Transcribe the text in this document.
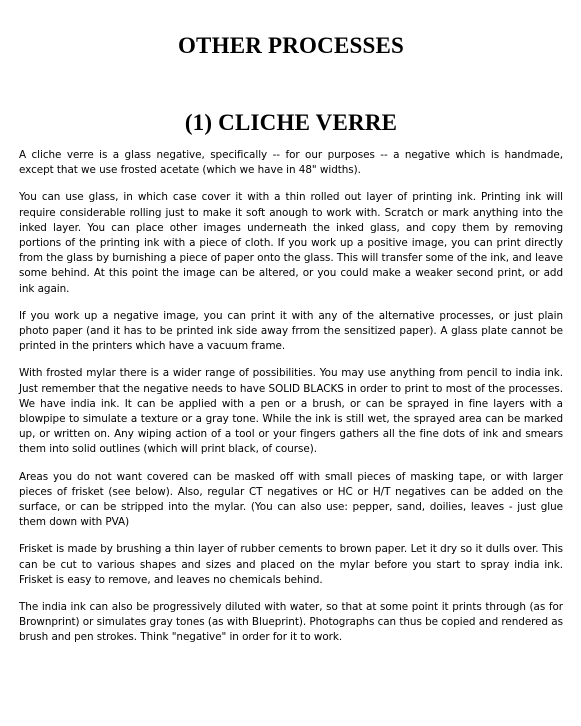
OTHER PROCESSES
(1) CLICHE VERRE

A cliche verre is a glass negative, specifically -- for our purposes -- a negative which is handmade, except that we use frosted acetate (which we have in 48" widths).

You can use glass, in which case cover it with a thin rolled out layer of printing ink. Printing ink will require considerable rolling just to make it soft anough to work with. Scratch or mark anything into the inked layer. You can place other images underneath the inked glass, and copy them by removing portions of the printing ink with a piece of cloth. If you work up a positive image, you can print directly from the glass by burnishing a piece of paper onto the glass. This will transfer some of the ink, and leave some behind. At this point the image can be altered, or you could make a weaker second print, or add ink again.

If you work up a negative image, you can print it with any of the alternative processes, or just plain photo paper (and it has to be printed ink side away frrom the sensitized paper). A glass plate cannot be printed in the printers which have a vacuum frame.

With frosted mylar there is a wider range of possibilities. You may use anything from pencil to india ink. Just remember that the negative needs to have SOLID BLACKS in order to print to most of the processes. We have india ink. It can be applied with a pen or a brush, or can be sprayed in fine layers with a blowpipe to simulate a texture or a gray tone. While the ink is still wet, the sprayed area can be marked up, or written on. Any wiping action of a tool or your fingers gathers all the fine dots of ink and smears them into solid outlines (which will print black, of course).

Areas you do not want covered can be masked off with small pieces of masking tape, or with larger pieces of frisket (see below). Also, regular CT negatives or HC or H/T negatives can be added on the surface, or can be stripped into the mylar. (You can also use: pepper, sand, doilies, leaves - just glue them down with PVA)

Frisket is made by brushing a thin layer of rubber cements to brown paper. Let it dry so it dulls over. This can be cut to various shapes and sizes and placed on the mylar before you start to spray india ink. Frisket is easy to remove, and leaves no chemicals behind.

The india ink can also be progressively diluted with water, so that at some point it prints through (as for Brownprint) or simulates gray tones (as with Blueprint). Photographs can thus be copied and rendered as brush and pen strokes. Think "negative" in order for it to work.
